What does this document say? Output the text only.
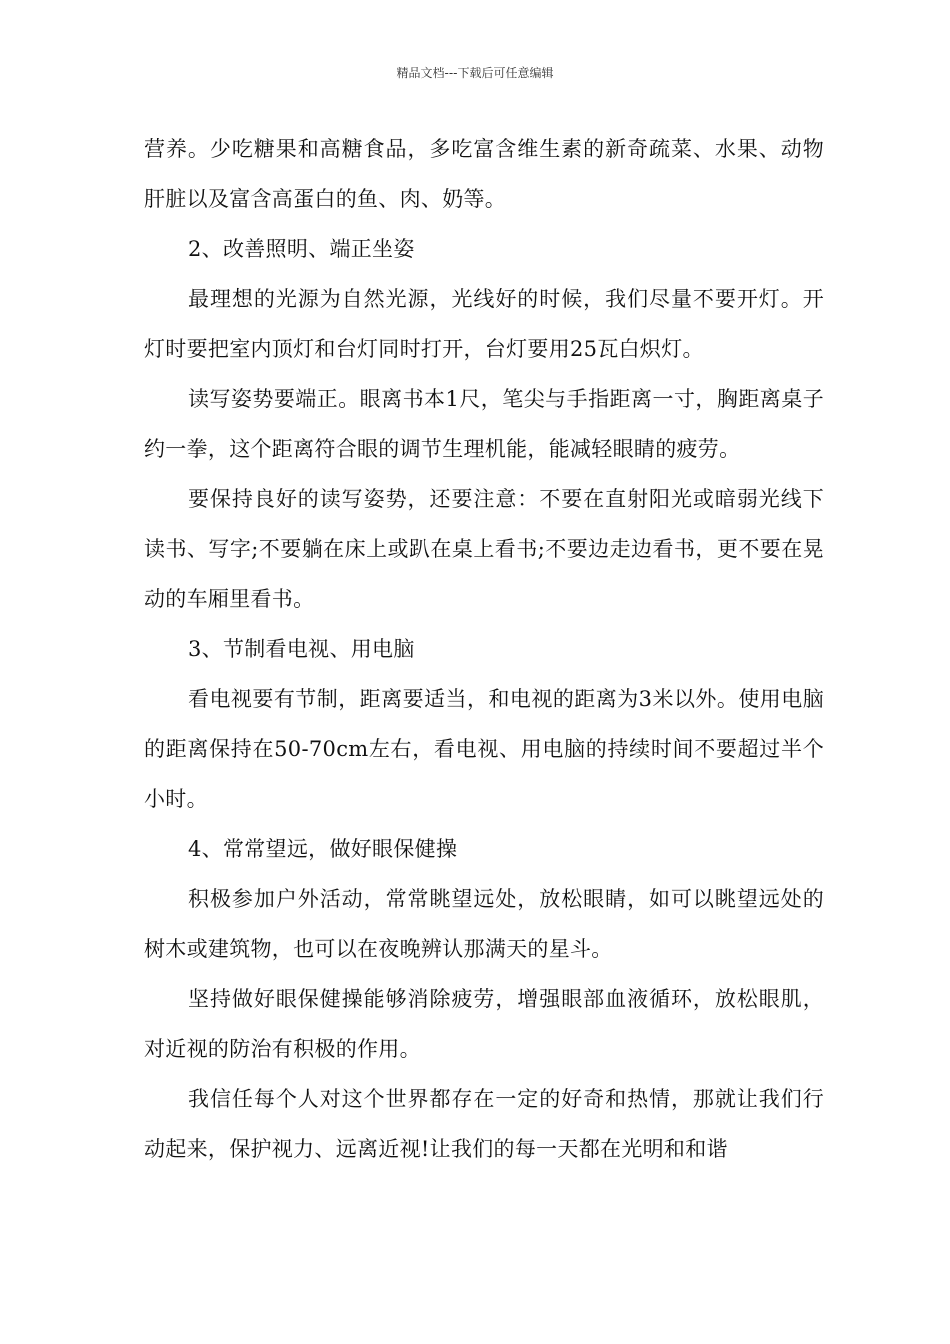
精品文档---下载后可任意编辑

营养。少吃糖果和高糖食品，多吃富含维生素的新奇疏菜、水果、动物肝脏以及富含高蛋白的鱼、肉、奶等。

2、改善照明、端正坐姿

最理想的光源为自然光源，光线好的时候，我们尽量不要开灯。开灯时要把室内顶灯和台灯同时打开，台灯要用25瓦白炽灯。

读写姿势要端正。眼离书本1尺，笔尖与手指距离一寸，胸距离桌子约一拳，这个距离符合眼的调节生理机能，能减轻眼睛的疲劳。

要保持良好的读写姿势，还要注意：不要在直射阳光或暗弱光线下读书、写字;不要躺在床上或趴在桌上看书;不要边走边看书，更不要在晃动的车厢里看书。

3、节制看电视、用电脑

看电视要有节制，距离要适当，和电视的距离为3米以外。使用电脑的距离保持在50-70cm左右，看电视、用电脑的持续时间不要超过半个小时。

4、常常望远，做好眼保健操

积极参加户外活动，常常眺望远处，放松眼睛，如可以眺望远处的树木或建筑物，也可以在夜晚辨认那满天的星斗。

坚持做好眼保健操能够消除疲劳，增强眼部血液循环，放松眼肌，对近视的防治有积极的作用。

我信任每个人对这个世界都存在一定的好奇和热情，那就让我们行动起来，保护视力、远离近视!让我们的每一天都在光明和和谐
